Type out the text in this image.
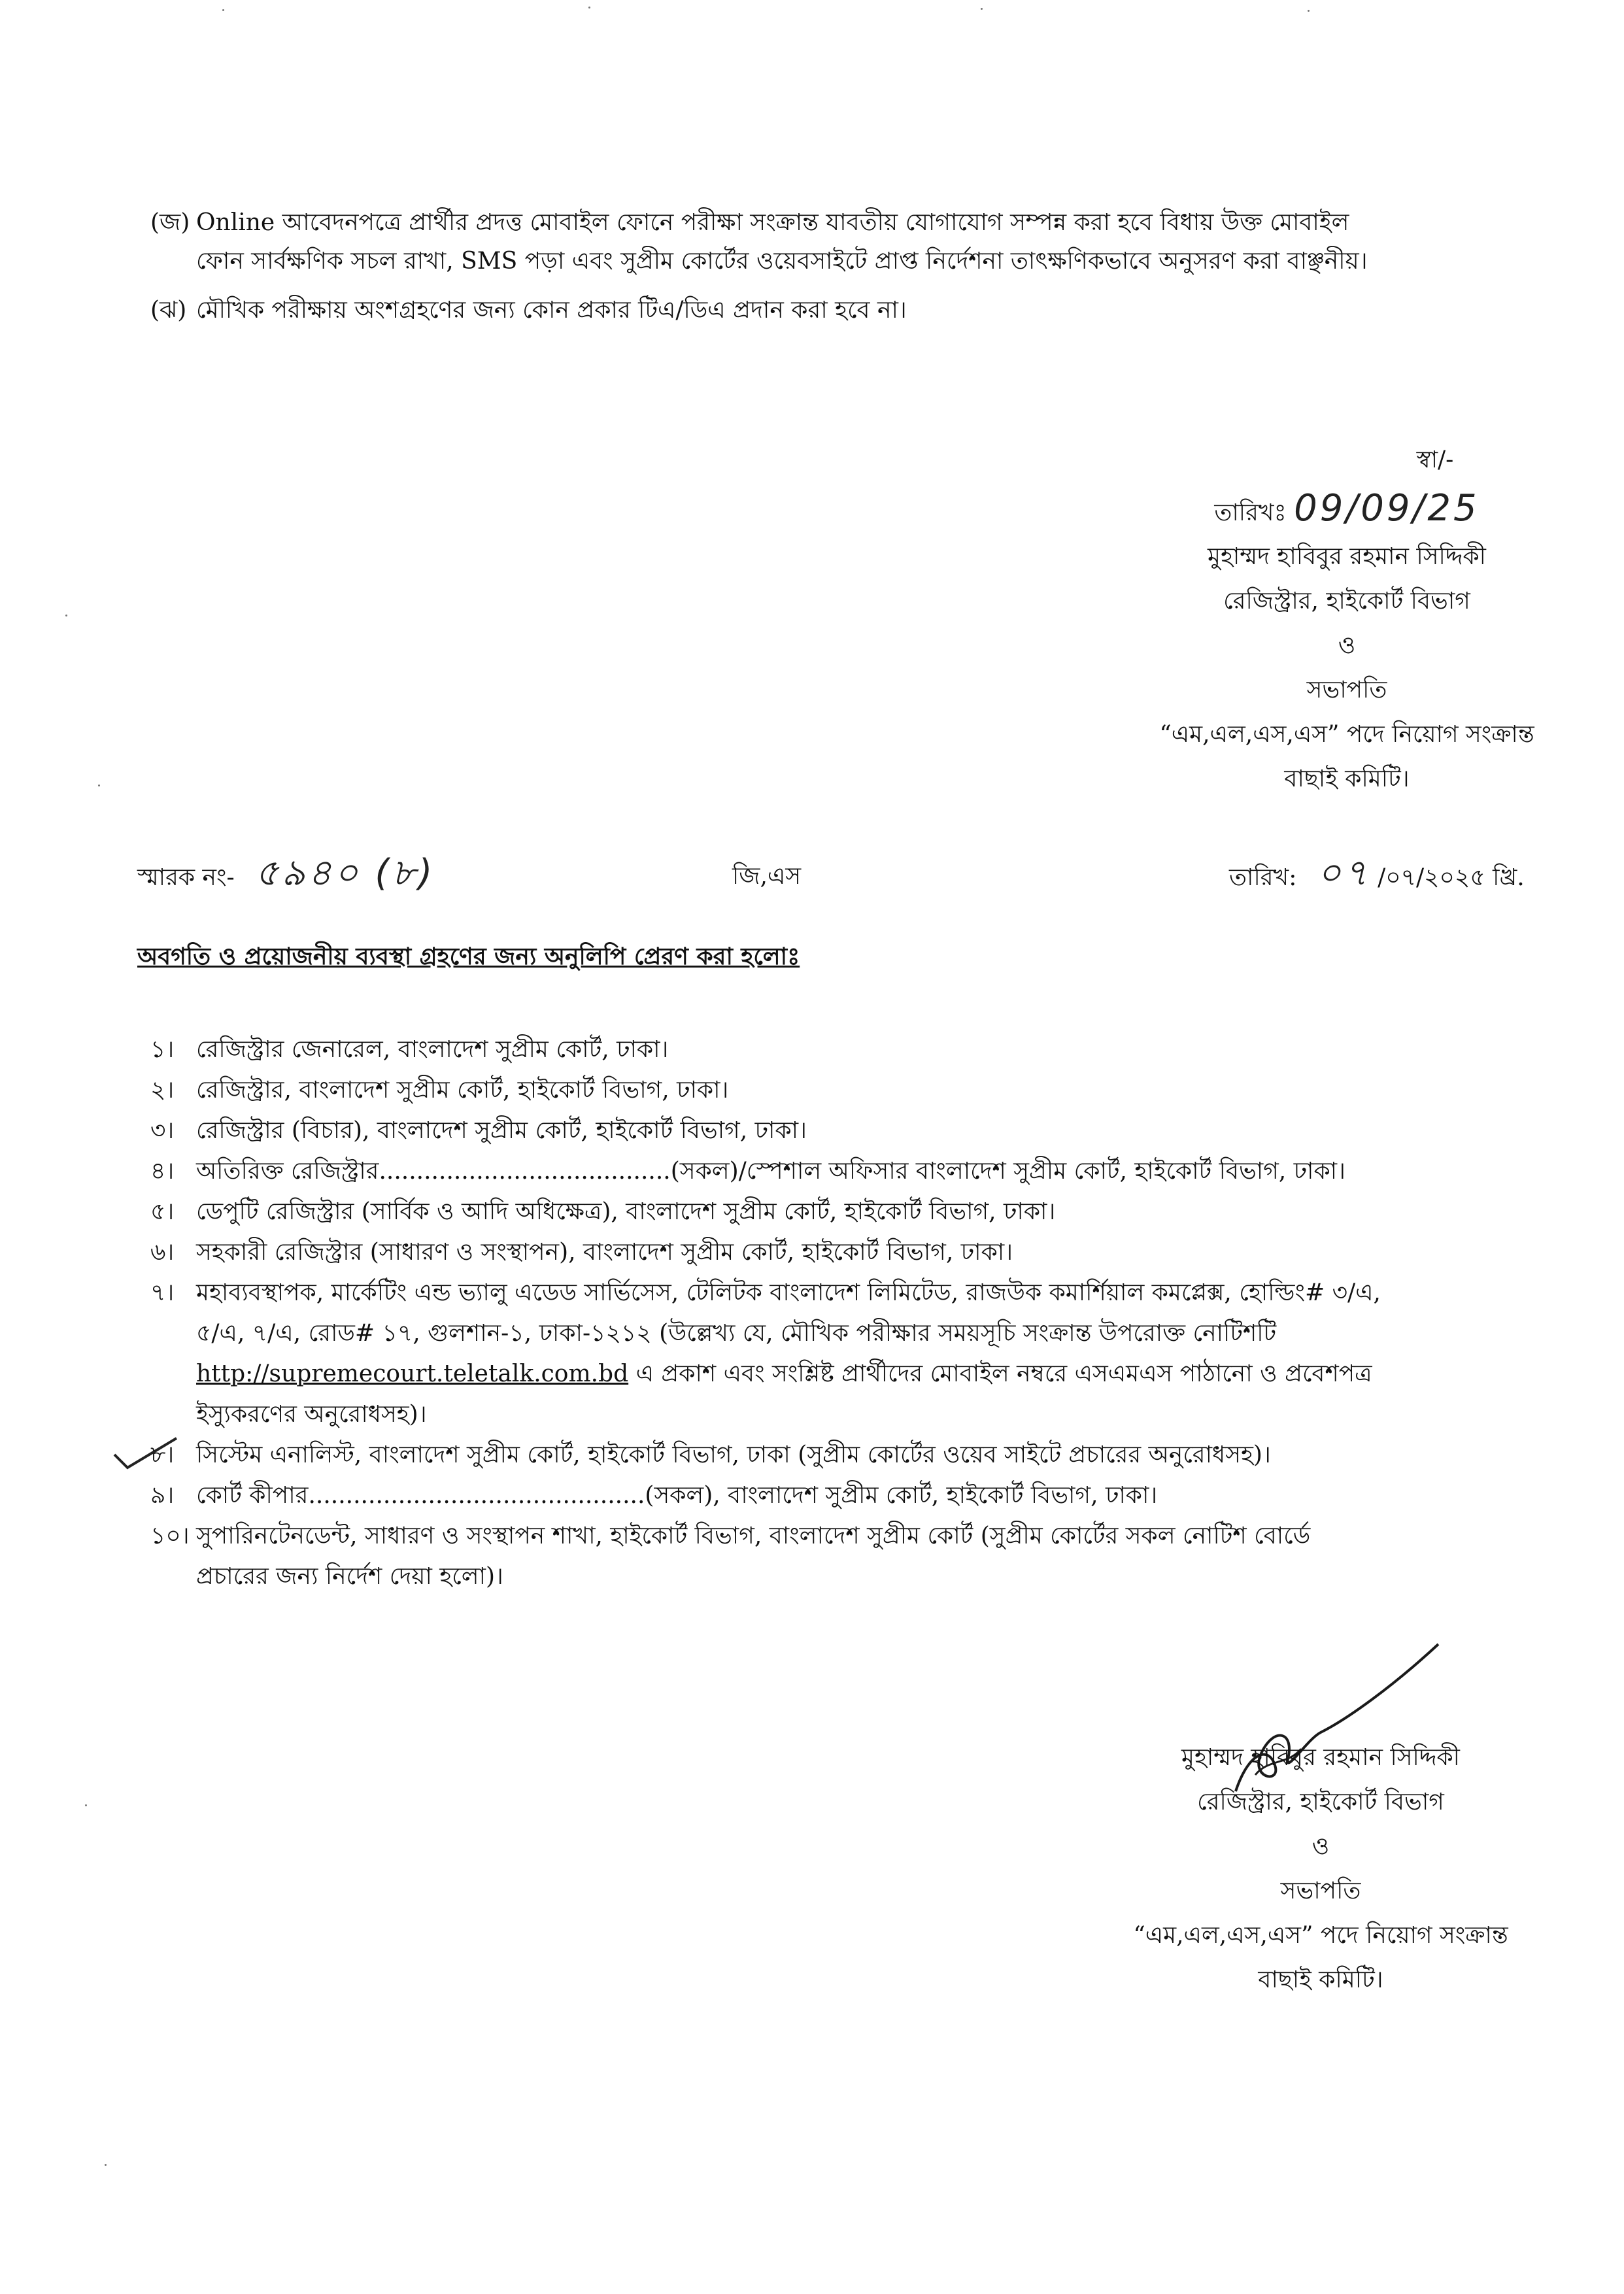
(জ) Online আবেদনপত্রে প্রার্থীর প্রদত্ত মোবাইল ফোনে পরীক্ষা সংক্রান্ত যাবতীয় যোগাযোগ সম্পন্ন করা হবে বিধায় উক্ত মোবাইল
ফোন সার্বক্ষণিক সচল রাখা, SMS পড়া এবং সুপ্রীম কোর্টের ওয়েবসাইটে প্রাপ্ত নির্দেশনা তাৎক্ষণিকভাবে অনুসরণ করা বাঞ্ছনীয়।
(ঝ) মৌখিক পরীক্ষায় অংশগ্রহণের জন্য কোন প্রকার টিএ/ডিএ প্রদান করা হবে না।
স্বা/-
তারিখঃ 09/09/25
মুহাম্মদ হাবিবুর রহমান সিদ্দিকী
রেজিস্ট্রার, হাইকোর্ট বিভাগ
ও
সভাপতি
“এম,এল,এস,এস” পদে নিয়োগ সংক্রান্ত
বাছাই কমিটি।
স্মারক নং- ৫৯৪০ (৮)	জি,এস	তারিখ: ০৭ /০৭/২০২৫ খ্রি.
অবগতি ও প্রয়োজনীয় ব্যবস্থা গ্রহণের জন্য অনুলিপি প্রেরণ করা হলোঃ
১। রেজিস্ট্রার জেনারেল, বাংলাদেশ সুপ্রীম কোর্ট, ঢাকা।
২। রেজিস্ট্রার, বাংলাদেশ সুপ্রীম কোর্ট, হাইকোর্ট বিভাগ, ঢাকা।
৩। রেজিস্ট্রার (বিচার), বাংলাদেশ সুপ্রীম কোর্ট, হাইকোর্ট বিভাগ, ঢাকা।
৪। অতিরিক্ত রেজিস্ট্রার.......................................(সকল)/স্পেশাল অফিসার বাংলাদেশ সুপ্রীম কোর্ট, হাইকোর্ট বিভাগ, ঢাকা।
৫। ডেপুটি রেজিস্ট্রার (সার্বিক ও আদি অধিক্ষেত্র), বাংলাদেশ সুপ্রীম কোর্ট, হাইকোর্ট বিভাগ, ঢাকা।
৬। সহকারী রেজিস্ট্রার (সাধারণ ও সংস্থাপন), বাংলাদেশ সুপ্রীম কোর্ট, হাইকোর্ট বিভাগ, ঢাকা।
৭। মহাব্যবস্থাপক, মার্কেটিং এন্ড ভ্যালু এডেড সার্ভিসেস, টেলিটক বাংলাদেশ লিমিটেড, রাজউক কমার্শিয়াল কমপ্লেক্স, হোল্ডিং# ৩/এ,
৫/এ, ৭/এ, রোড# ১৭, গুলশান-১, ঢাকা-১২১২ (উল্লেখ্য যে, মৌখিক পরীক্ষার সময়সূচি সংক্রান্ত উপরোক্ত নোটিশটি
http://supremecourt.teletalk.com.bd এ প্রকাশ এবং সংশ্লিষ্ট প্রার্থীদের মোবাইল নম্বরে এসএমএস পাঠানো ও প্রবেশপত্র
ইস্যুকরণের অনুরোধসহ)।
৮। সিস্টেম এনালিস্ট, বাংলাদেশ সুপ্রীম কোর্ট, হাইকোর্ট বিভাগ, ঢাকা (সুপ্রীম কোর্টের ওয়েব সাইটে প্রচারের অনুরোধসহ)।
৯। কোর্ট কীপার.............................................(সকল), বাংলাদেশ সুপ্রীম কোর্ট, হাইকোর্ট বিভাগ, ঢাকা।
১০। সুপারিনটেনডেন্ট, সাধারণ ও সংস্থাপন শাখা, হাইকোর্ট বিভাগ, বাংলাদেশ সুপ্রীম কোর্ট (সুপ্রীম কোর্টের সকল নোটিশ বোর্ডে
প্রচারের জন্য নির্দেশ দেয়া হলো)।
মুহাম্মদ হাবিবুর রহমান সিদ্দিকী
রেজিস্ট্রার, হাইকোর্ট বিভাগ
ও
সভাপতি
“এম,এল,এস,এস” পদে নিয়োগ সংক্রান্ত
বাছাই কমিটি।
